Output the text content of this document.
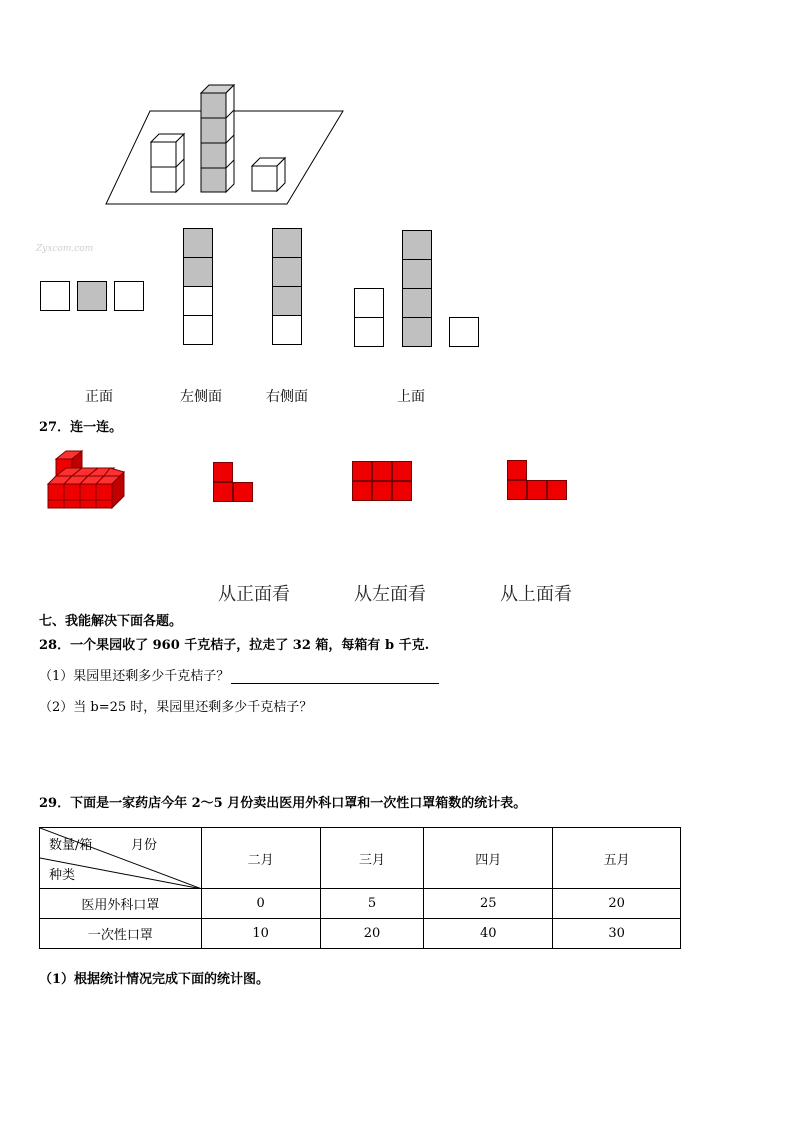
Zyxcom.com
正面	左侧面	右侧面	上面
27．连一连。
从正面看	从左面看	从上面看
七、我能解决下面各题。
28．一个果园收了 960 千克桔子，拉走了 32 箱，每箱有 b 千克.
（1）果园里还剩多少千克桔子？
（2）当 b=25 时，果园里还剩多少千克桔子？
29．下面是一家药店今年 2～5 月份卖出医用外科口罩和一次性口罩箱数的统计表。
数量/箱 月份
种类	二月	三月	四月	五月
医用外科口罩	0	5	25	20
一次性口罩	10	20	40	30
（1）根据统计情况完成下面的统计图。
